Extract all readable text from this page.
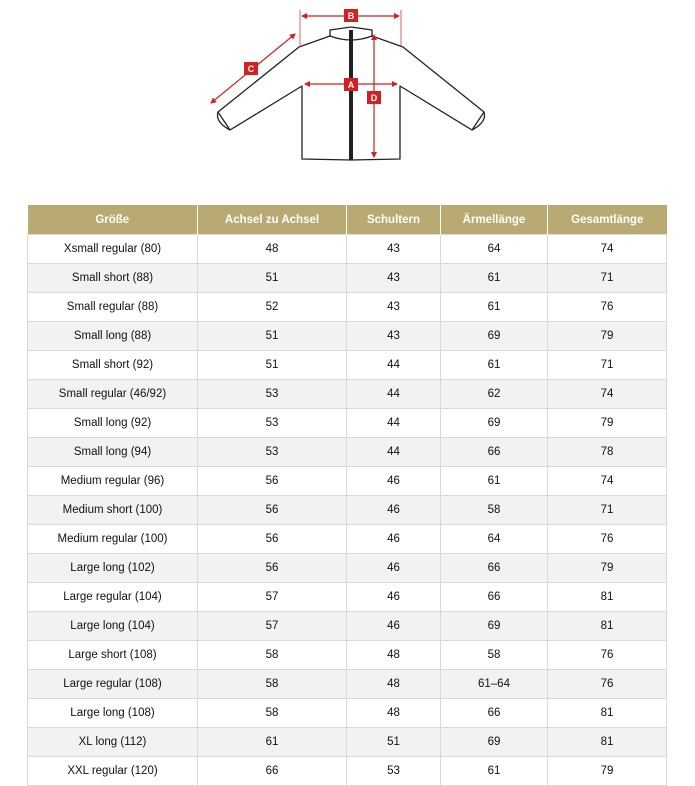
B
C
A
D
Größe	Achsel zu Achsel	Schultern	Ärmellänge	Gesamtlänge
Xsmall regular (80)	48	43	64	74
Small short (88)	51	43	61	71
Small regular (88)	52	43	61	76
Small long (88)	51	43	69	79
Small short (92)	51	44	61	71
Small regular (46/92)	53	44	62	74
Small long (92)	53	44	69	79
Small long (94)	53	44	66	78
Medium regular (96)	56	46	61	74
Medium short (100)	56	46	58	71
Medium regular (100)	56	46	64	76
Large long (102)	56	46	66	79
Large regular (104)	57	46	66	81
Large long (104)	57	46	69	81
Large short (108)	58	48	58	76
Large regular (108)	58	48	61–64	76
Large long (108)	58	48	66	81
XL long (112)	61	51	69	81
XXL regular (120)	66	53	61	79
